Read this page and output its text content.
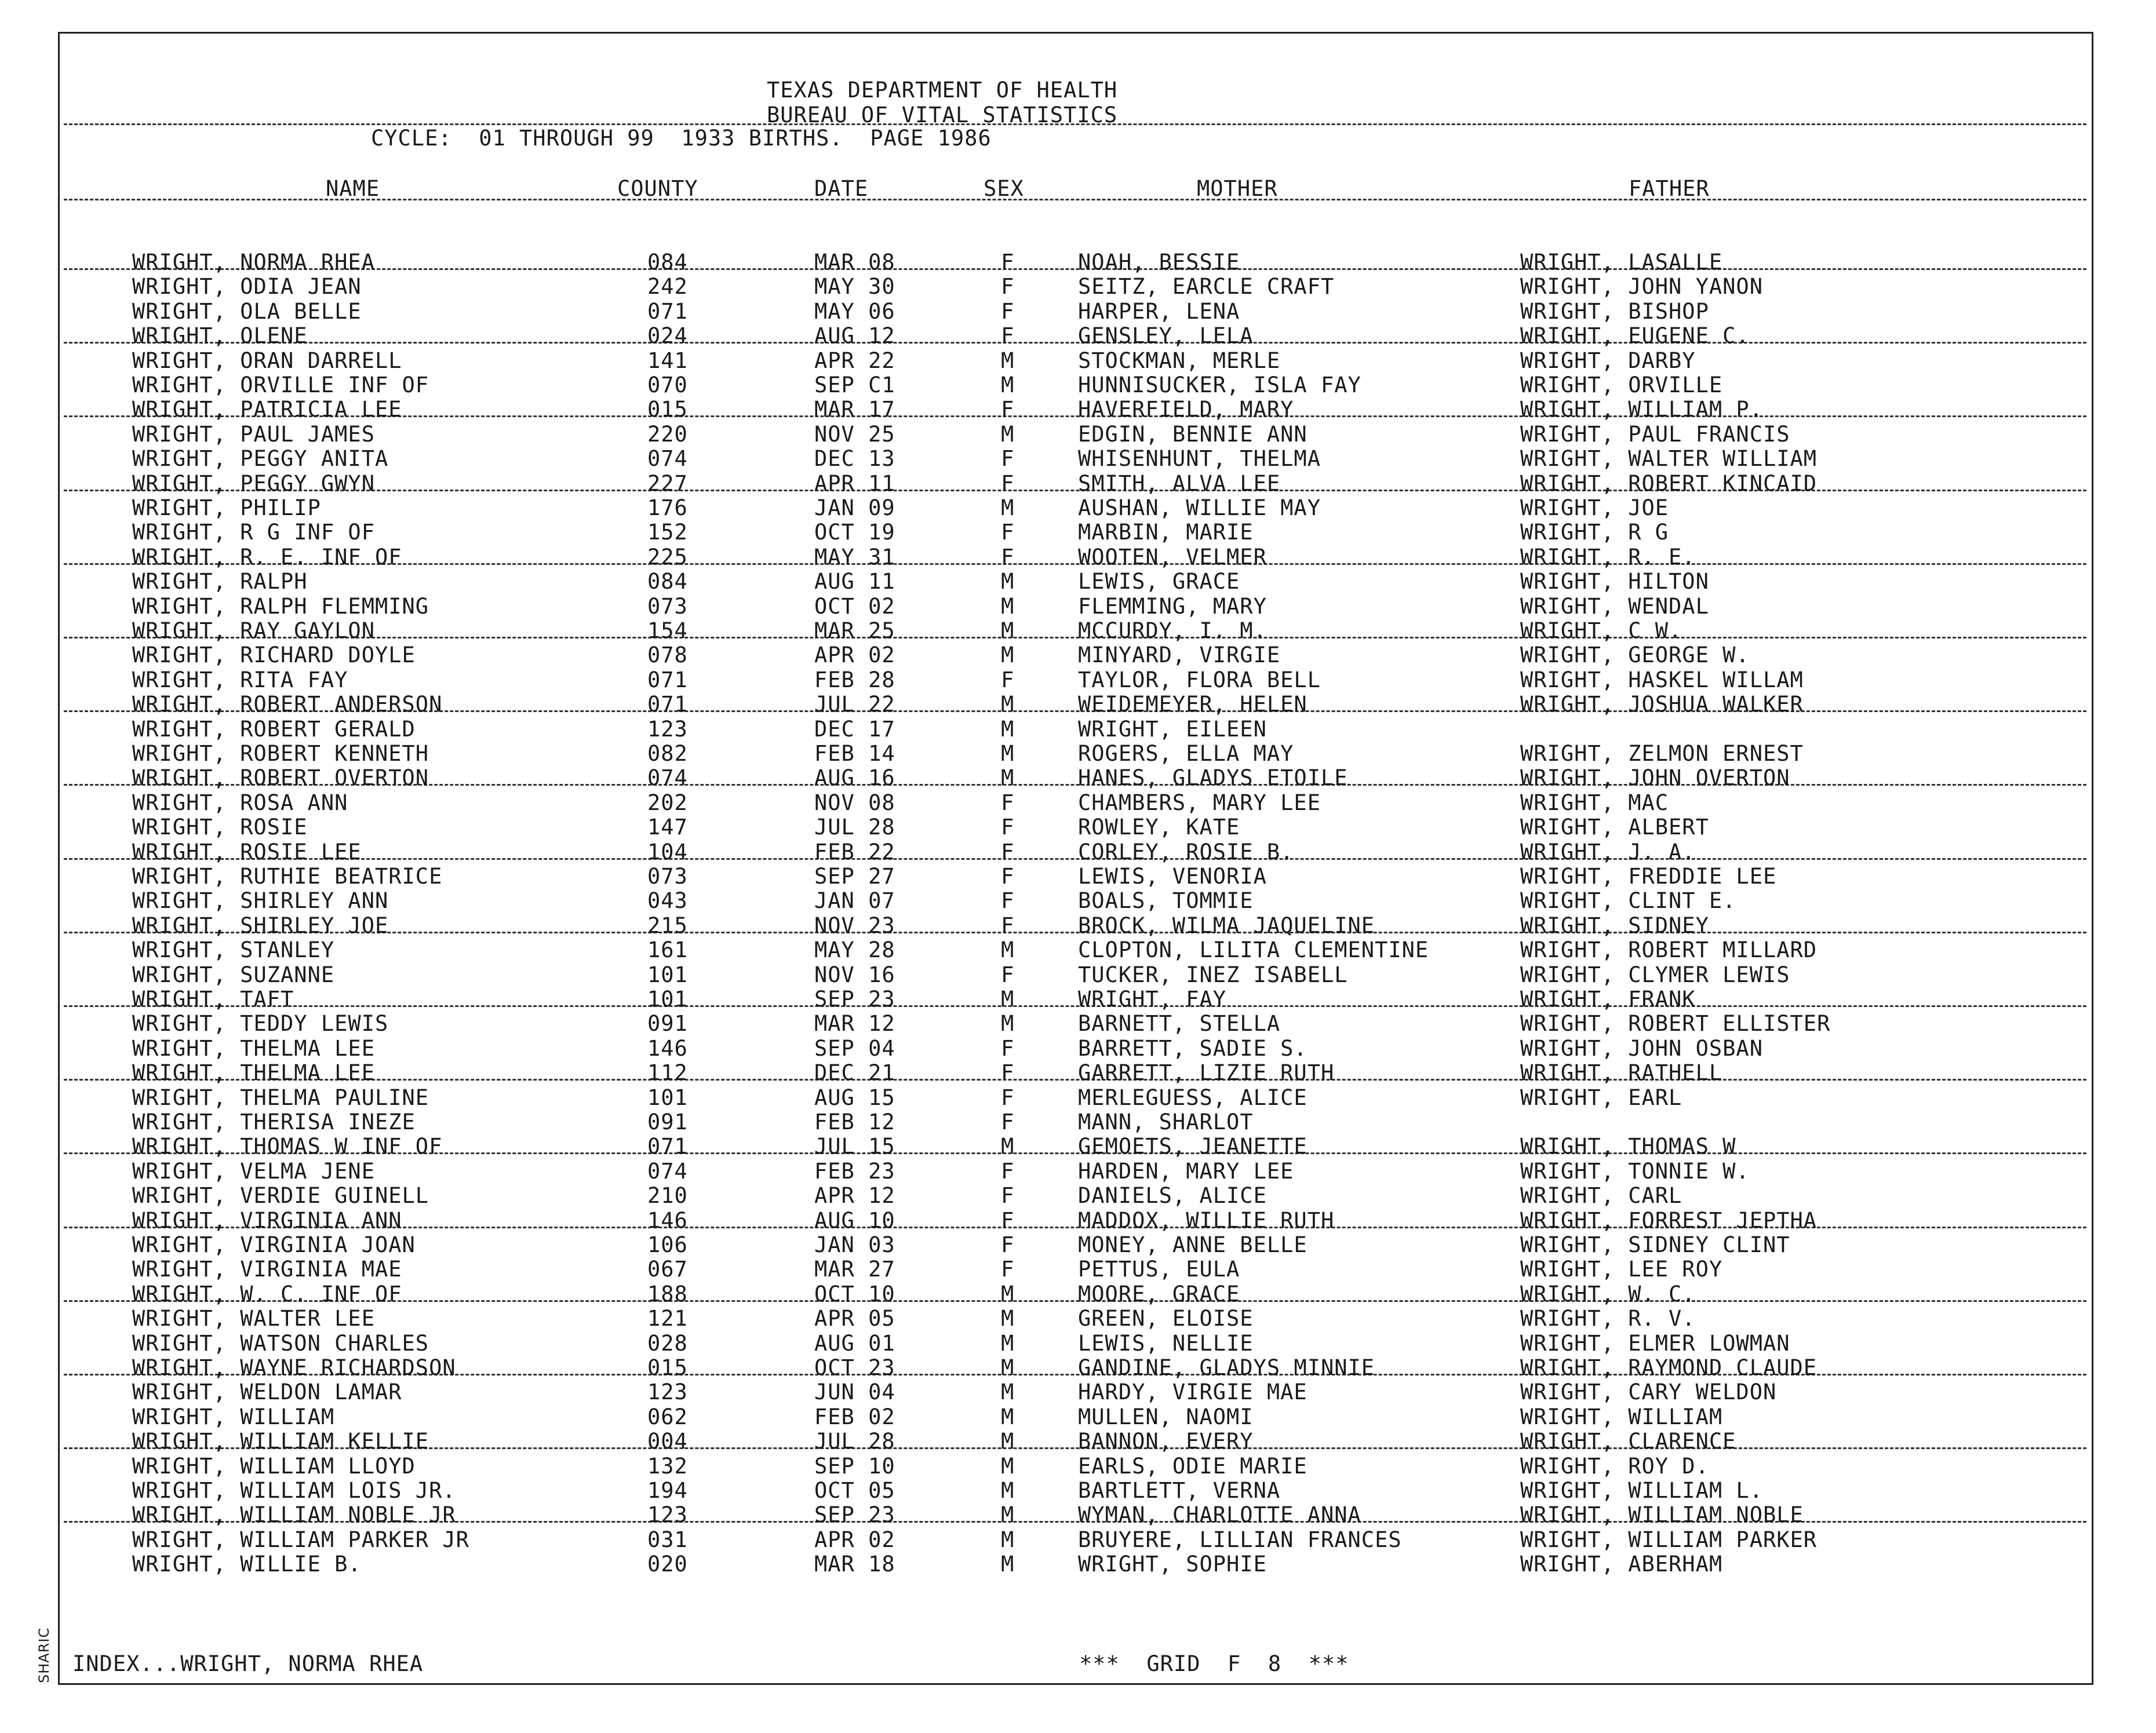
TEXAS DEPARTMENT OF HEALTH
BUREAU OF VITAL STATISTICS
CYCLE:  01 THROUGH 99  1933 BIRTHS.  PAGE 1986
NAME	COUNTY	DATE	SEX	MOTHER	FATHER
WRIGHT, NORMA RHEA	084	MAR 08	F	NOAH, BESSIE	WRIGHT, LASALLE
WRIGHT, ODIA JEAN	242	MAY 30	F	SEITZ, EARCLE CRAFT	WRIGHT, JOHN YANON
WRIGHT, OLA BELLE	071	MAY 06	F	HARPER, LENA	WRIGHT, BISHOP
WRIGHT, OLENE	024	AUG 12	F	GENSLEY, LELA	WRIGHT, EUGENE C.
WRIGHT, ORAN DARRELL	141	APR 22	M	STOCKMAN, MERLE	WRIGHT, DARBY
WRIGHT, ORVILLE INF OF	070	SEP C1	M	HUNNISUCKER, ISLA FAY	WRIGHT, ORVILLE
WRIGHT, PATRICIA LEE	015	MAR 17	F	HAVERFIELD, MARY	WRIGHT, WILLIAM P.
WRIGHT, PAUL JAMES	220	NOV 25	M	EDGIN, BENNIE ANN	WRIGHT, PAUL FRANCIS
WRIGHT, PEGGY ANITA	074	DEC 13	F	WHISENHUNT, THELMA	WRIGHT, WALTER WILLIAM
WRIGHT, PEGGY GWYN	227	APR 11	F	SMITH, ALVA LEE	WRIGHT, ROBERT KINCAID
WRIGHT, PHILIP	176	JAN 09	M	AUSHAN, WILLIE MAY	WRIGHT, JOE
WRIGHT, R G INF OF	152	OCT 19	F	MARBIN, MARIE	WRIGHT, R G
WRIGHT, R. E. INF OF	225	MAY 31	F	WOOTEN, VELMER	WRIGHT, R. E.
WRIGHT, RALPH	084	AUG 11	M	LEWIS, GRACE	WRIGHT, HILTON
WRIGHT, RALPH FLEMMING	073	OCT 02	M	FLEMMING, MARY	WRIGHT, WENDAL
WRIGHT, RAY GAYLON	154	MAR 25	M	MCCURDY, I. M.	WRIGHT, C W.
WRIGHT, RICHARD DOYLE	078	APR 02	M	MINYARD, VIRGIE	WRIGHT, GEORGE W.
WRIGHT, RITA FAY	071	FEB 28	F	TAYLOR, FLORA BELL	WRIGHT, HASKEL WILLAM
WRIGHT, ROBERT ANDERSON	071	JUL 22	M	WEIDEMEYER, HELEN	WRIGHT, JOSHUA WALKER
WRIGHT, ROBERT GERALD	123	DEC 17	M	WRIGHT, EILEEN
WRIGHT, ROBERT KENNETH	082	FEB 14	M	ROGERS, ELLA MAY	WRIGHT, ZELMON ERNEST
WRIGHT, ROBERT OVERTON	074	AUG 16	M	HANES, GLADYS ETOILE	WRIGHT, JOHN OVERTON
WRIGHT, ROSA ANN	202	NOV 08	F	CHAMBERS, MARY LEE	WRIGHT, MAC
WRIGHT, ROSIE	147	JUL 28	F	ROWLEY, KATE	WRIGHT, ALBERT
WRIGHT, ROSIE LEE	104	FEB 22	F	CORLEY, ROSIE B.	WRIGHT, J. A.
WRIGHT, RUTHIE BEATRICE	073	SEP 27	F	LEWIS, VENORIA	WRIGHT, FREDDIE LEE
WRIGHT, SHIRLEY ANN	043	JAN 07	F	BOALS, TOMMIE	WRIGHT, CLINT E.
WRIGHT, SHIRLEY JOE	215	NOV 23	F	BROCK, WILMA JAQUELINE	WRIGHT, SIDNEY
WRIGHT, STANLEY	161	MAY 28	M	CLOPTON, LILITA CLEMENTINE	WRIGHT, ROBERT MILLARD
WRIGHT, SUZANNE	101	NOV 16	F	TUCKER, INEZ ISABELL	WRIGHT, CLYMER LEWIS
WRIGHT, TAFT	101	SEP 23	M	WRIGHT, FAY	WRIGHT, FRANK
WRIGHT, TEDDY LEWIS	091	MAR 12	M	BARNETT, STELLA	WRIGHT, ROBERT ELLISTER
WRIGHT, THELMA LEE	146	SEP 04	F	BARRETT, SADIE S.	WRIGHT, JOHN OSBAN
WRIGHT, THELMA LEE	112	DEC 21	F	GARRETT, LIZIE RUTH	WRIGHT, RATHELL
WRIGHT, THELMA PAULINE	101	AUG 15	F	MERLEGUESS, ALICE	WRIGHT, EARL
WRIGHT, THERISA INEZE	091	FEB 12	F	MANN, SHARLOT
WRIGHT, THOMAS W INF OF	071	JUL 15	M	GEMOETS, JEANETTE	WRIGHT, THOMAS W
WRIGHT, VELMA JENE	074	FEB 23	F	HARDEN, MARY LEE	WRIGHT, TONNIE W.
WRIGHT, VERDIE GUINELL	210	APR 12	F	DANIELS, ALICE	WRIGHT, CARL
WRIGHT, VIRGINIA ANN	146	AUG 10	F	MADDOX, WILLIE RUTH	WRIGHT, FORREST JEPTHA
WRIGHT, VIRGINIA JOAN	106	JAN 03	F	MONEY, ANNE BELLE	WRIGHT, SIDNEY CLINT
WRIGHT, VIRGINIA MAE	067	MAR 27	F	PETTUS, EULA	WRIGHT, LEE ROY
WRIGHT, W. C. INF OF	188	OCT 10	M	MOORE, GRACE	WRIGHT, W. C.
WRIGHT, WALTER LEE	121	APR 05	M	GREEN, ELOISE	WRIGHT, R. V.
WRIGHT, WATSON CHARLES	028	AUG 01	M	LEWIS, NELLIE	WRIGHT, ELMER LOWMAN
WRIGHT, WAYNE RICHARDSON	015	OCT 23	M	GANDINE, GLADYS MINNIE	WRIGHT, RAYMOND CLAUDE
WRIGHT, WELDON LAMAR	123	JUN 04	M	HARDY, VIRGIE MAE	WRIGHT, CARY WELDON
WRIGHT, WILLIAM	062	FEB 02	M	MULLEN, NAOMI	WRIGHT, WILLIAM
WRIGHT, WILLIAM KELLIE	004	JUL 28	M	BANNON, EVERY	WRIGHT, CLARENCE
WRIGHT, WILLIAM LLOYD	132	SEP 10	M	EARLS, ODIE MARIE	WRIGHT, ROY D.
WRIGHT, WILLIAM LOIS JR.	194	OCT 05	M	BARTLETT, VERNA	WRIGHT, WILLIAM L.
WRIGHT, WILLIAM NOBLE JR	123	SEP 23	M	WYMAN, CHARLOTTE ANNA	WRIGHT, WILLIAM NOBLE
WRIGHT, WILLIAM PARKER JR	031	APR 02	M	BRUYERE, LILLIAN FRANCES	WRIGHT, WILLIAM PARKER
WRIGHT, WILLIE B.	020	MAR 18	M	WRIGHT, SOPHIE	WRIGHT, ABERHAM
INDEX...WRIGHT, NORMA RHEA	***  GRID  F  8  ***
SHARIC
